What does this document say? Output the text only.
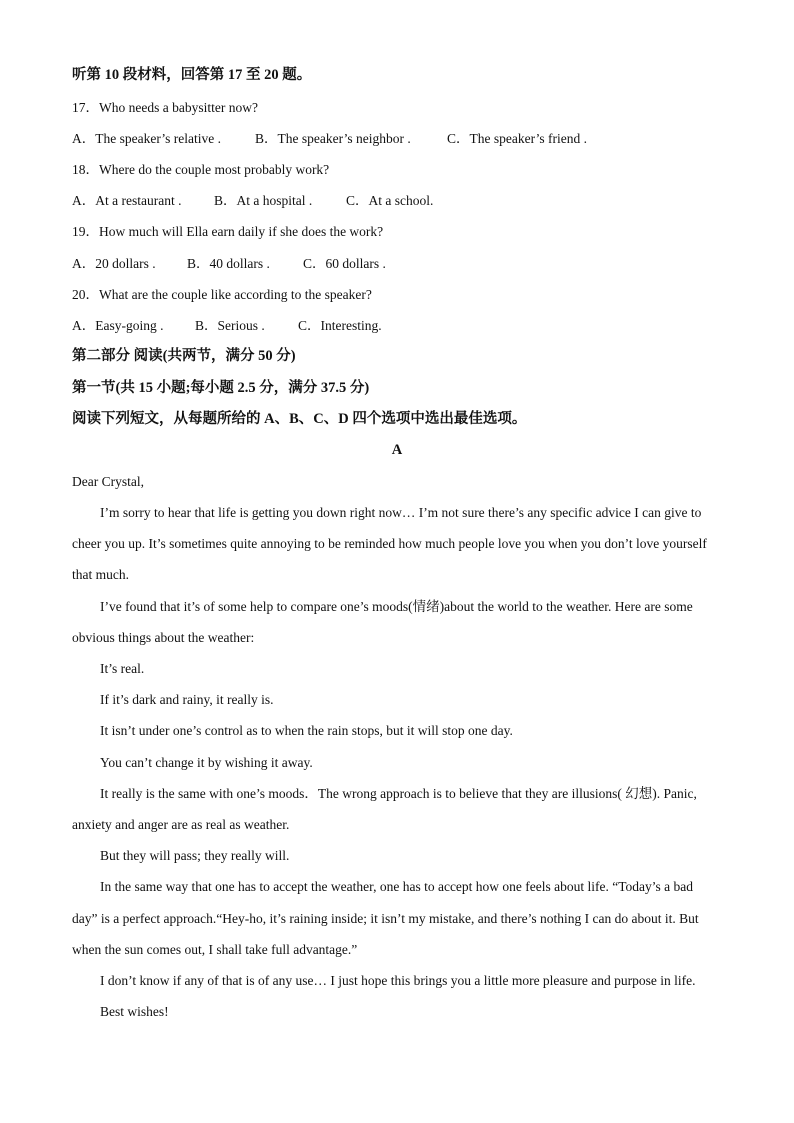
听第 10 段材料，回答第 17 至 20 题。
17．Who needs a babysitter now?
A．The speaker’s relative .	B．The speaker’s neighbor .	C．The speaker’s friend .
18．Where do the couple most probably work?
A．At a restaurant .	B．At a hospital .	C．At a school.
19．How much will Ella earn daily if she does the work?
A．20 dollars .	B．40 dollars .	C．60 dollars .
20．What are the couple like according to the speaker?
A．Easy-going .	B．Serious .	C．Interesting.
第二部分 阅读(共两节，满分 50 分)
第一节(共 15 小题;每小题 2.5 分，满分 37.5 分)
阅读下列短文，从每题所给的 A、B、C、D 四个选项中选出最佳选项。
A
Dear Crystal,
I’m sorry to hear that life is getting you down right now… I’m not sure there’s any specific advice I can give to
cheer you up. It’s sometimes quite annoying to be reminded how much people love you when you don’t love yourself
that much.
I’ve found that it’s of some help to compare one’s moods(情绪)about the world to the weather. Here are some
obvious things about the weather:
It’s real.
If it’s dark and rainy, it really is.
It isn’t under one’s control as to when the rain stops, but it will stop one day.
You can’t change it by wishing it away.
It really is the same with one’s moods．The wrong approach is to believe that they are illusions( 幻想). Panic,
anxiety and anger are as real as weather.
But they will pass; they really will.
In the same way that one has to accept the weather, one has to accept how one feels about life. “Today’s a bad
day” is a perfect approach.“Hey-ho, it’s raining inside; it isn’t my mistake, and there’s nothing I can do about it. But
when the sun comes out, I shall take full advantage.”
I don’t know if any of that is of any use… I just hope this brings you a little more pleasure and purpose in life.
Best wishes!
